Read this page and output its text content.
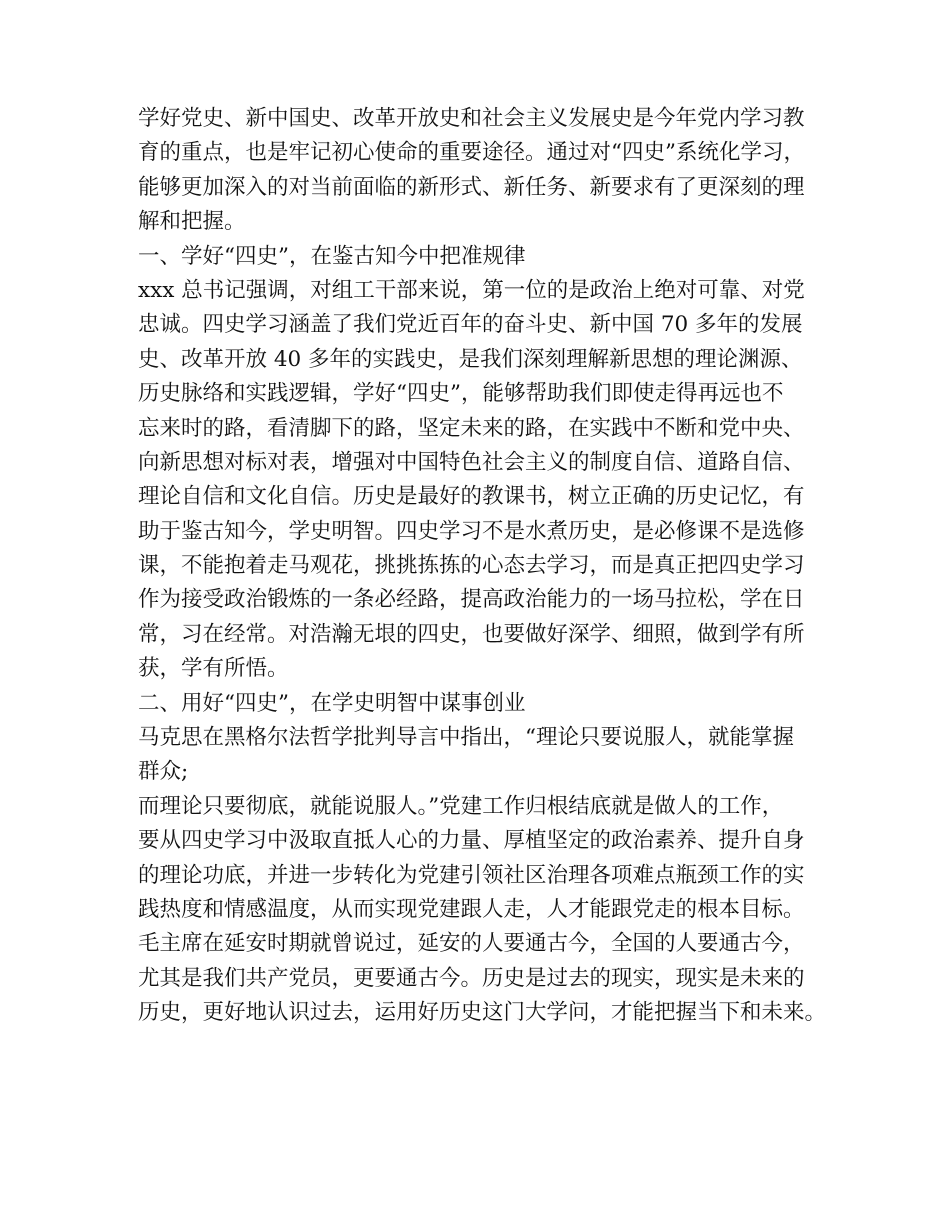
学好党史、新中国史、改革开放史和社会主义发展史是今年党内学习教
育的重点，也是牢记初心使命的重要途径。通过对“四史”系统化学习，
能够更加深入的对当前面临的新形式、新任务、新要求有了更深刻的理
解和把握。
一、学好“四史”，在鉴古知今中把准规律
xxx 总书记强调，对组工干部来说，第一位的是政治上绝对可靠、对党
忠诚。四史学习涵盖了我们党近百年的奋斗史、新中国 70 多年的发展
史、改革开放 40 多年的实践史，是我们深刻理解新思想的理论渊源、
历史脉络和实践逻辑，学好“四史”，能够帮助我们即使走得再远也不
忘来时的路，看清脚下的路，坚定未来的路，在实践中不断和党中央、
向新思想对标对表，增强对中国特色社会主义的制度自信、道路自信、
理论自信和文化自信。历史是最好的教课书，树立正确的历史记忆，有
助于鉴古知今，学史明智。四史学习不是水煮历史，是必修课不是选修
课，不能抱着走马观花，挑挑拣拣的心态去学习，而是真正把四史学习
作为接受政治锻炼的一条必经路，提高政治能力的一场马拉松，学在日
常，习在经常。对浩瀚无垠的四史，也要做好深学、细照，做到学有所
获，学有所悟。
二、用好“四史”，在学史明智中谋事创业
马克思在黑格尔法哲学批判导言中指出，“理论只要说服人，就能掌握
群众;
而理论只要彻底，就能说服人。”党建工作归根结底就是做人的工作，
要从四史学习中汲取直抵人心的力量、厚植坚定的政治素养、提升自身
的理论功底，并进一步转化为党建引领社区治理各项难点瓶颈工作的实
践热度和情感温度，从而实现党建跟人走，人才能跟党走的根本目标。
毛主席在延安时期就曾说过，延安的人要通古今，全国的人要通古今，
尤其是我们共产党员，更要通古今。历史是过去的现实，现实是未来的
历史，更好地认识过去，运用好历史这门大学问，才能把握当下和未来。
